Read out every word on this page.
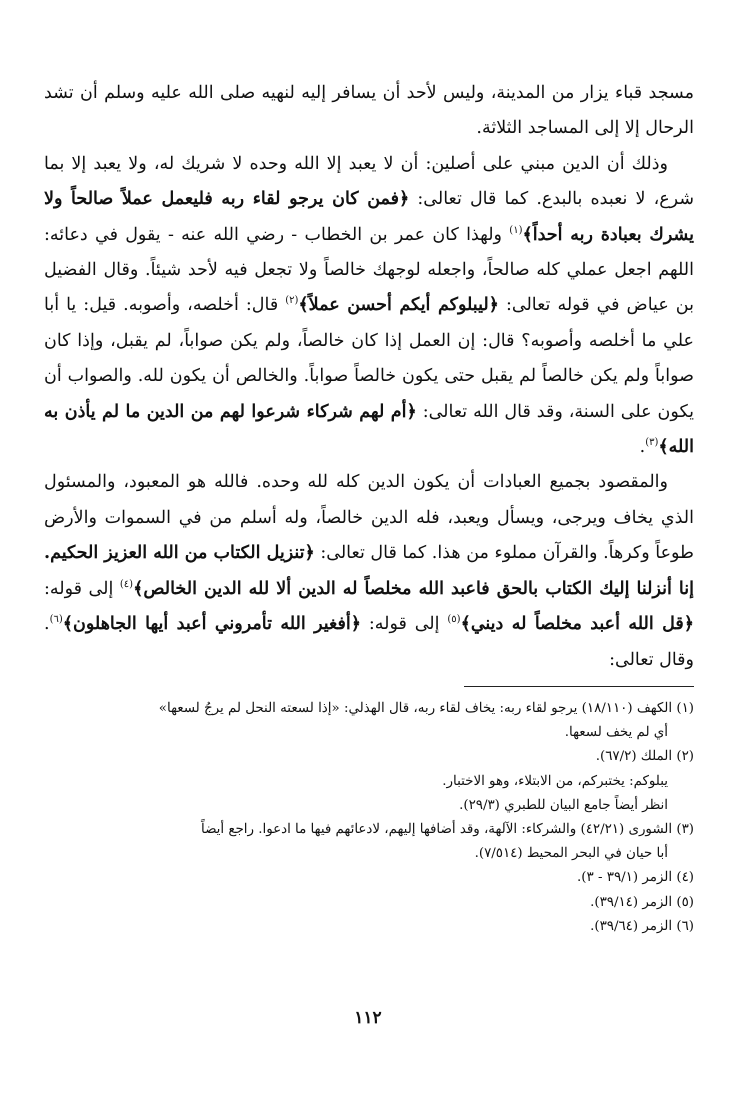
مسجد قباء يزار من المدينة، وليس لأحد أن يسافر إليه لنهيه صلى الله عليه وسلم أن تشد الرحال إلا إلى المساجد الثلاثة.

وذلك أن الدين مبني على أصلين: أن لا يعبد إلا الله وحده لا شريك له، ولا يعبد إلا بما شرع، لا نعبده بالبدع. كما قال تعالى: ﴿فمن كان يرجو لقاء ربه فليعمل عملاً صالحاً ولا يشرك بعبادة ربه أحداً﴾$^{(١)}$ ولهذا كان عمر بن الخطاب - رضي الله عنه - يقول في دعائه: اللهم اجعل عملي كله صالحاً، واجعله لوجهك خالصاً ولا تجعل فيه لأحد شيئاً. وقال الفضيل بن عياض في قوله تعالى: ﴿ليبلوكم أيكم أحسن عملاً﴾$^{(٢)}$ قال: أخلصه، وأصوبه. قيل: يا أبا علي ما أخلصه وأصوبه؟ قال: إن العمل إذا كان خالصاً، ولم يكن صواباً، لم يقبل، وإذا كان صواباً ولم يكن خالصاً لم يقبل حتى يكون خالصاً صواباً. والخالص أن يكون لله. والصواب أن يكون على السنة، وقد قال الله تعالى: ﴿أم لهم شركاء شرعوا لهم من الدين ما لم يأذن به الله﴾$^{(٣)}$.

والمقصود بجميع العبادات أن يكون الدين كله لله وحده. فالله هو المعبود، والمسئول الذي يخاف ويرجى، ويسأل ويعبد، فله الدين خالصاً، وله أسلم من في السموات والأرض طوعاً وكرهاً. والقرآن مملوء من هذا. كما قال تعالى: ﴿تنزيل الكتاب من الله العزيز الحكيم. إنا أنزلنا إليك الكتاب بالحق فاعبد الله مخلصاً له الدين ألا لله الدين الخالص﴾$^{(٤)}$ إلى قوله: ﴿قل الله أعبد مخلصاً له ديني﴾$^{(٥)}$ إلى قوله: ﴿أفغير الله تأمروني أعبد أيها الجاهلون﴾$^{(٦)}$. وقال تعالى:

(١) الكهف (١٨/١١٠) يرجو لقاء ربه: يخاف لقاء ربه، قال الهذلي: «إذا لسعته النحل لم يرجُ لسعها»
أي لم يخف لسعها.

(٢) الملك (٦٧/٢).

يبلوكم: يختبركم، من الابتلاء، وهو الاختبار.

انظر أيضاً جامع البيان للطبري (٢٩/٣).

(٣) الشورى (٤٢/٢١) والشركاء: الآلهة، وقد أضافها إليهم، لادعائهم فيها ما ادعوا. راجع أيضاً
أبا حيان في البحر المحيط (٧/٥١٤).

(٤) الزمر (٣٩/١ - ٣).

(٥) الزمر (٣٩/١٤).

(٦) الزمر (٣٩/٦٤).

١١٢
